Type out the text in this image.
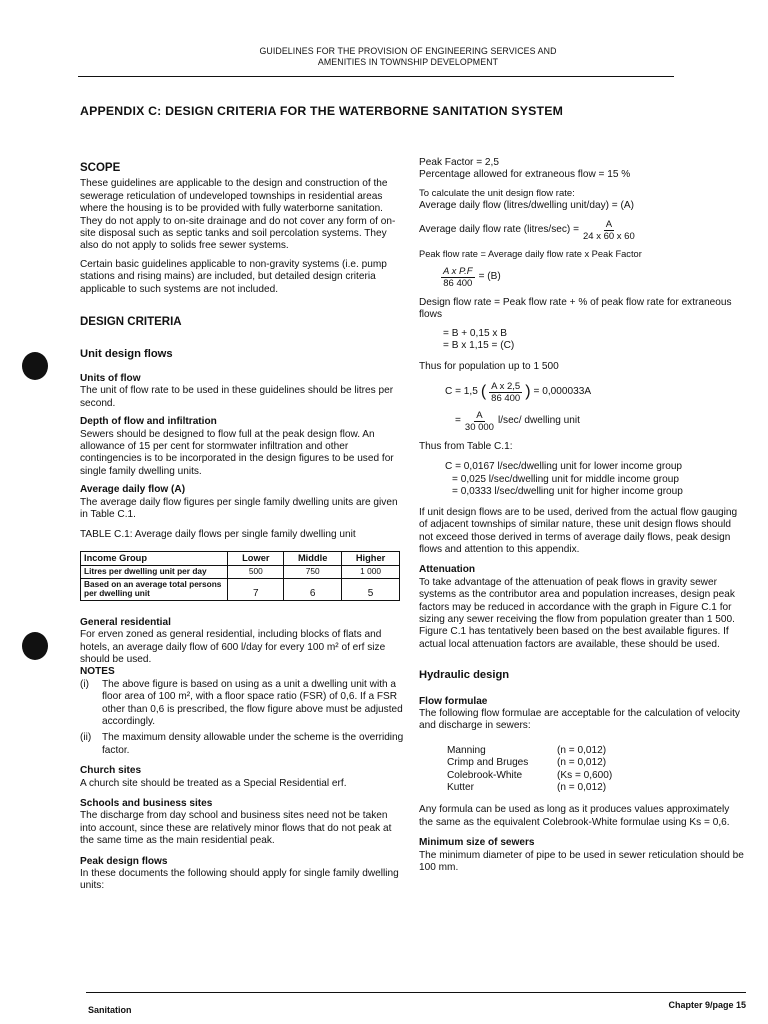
GUIDELINES FOR THE PROVISION OF ENGINEERING SERVICES AND
AMENITIES IN TOWNSHIP DEVELOPMENT
APPENDIX C: DESIGN CRITERIA FOR THE WATERBORNE SANITATION SYSTEM
SCOPE

These guidelines are applicable to the design and construction of the sewerage reticulation of undeveloped townships in residential areas where the housing is to be provided with fully waterborne sanitation. They do not apply to on-site drainage and do not cover any form of on-site disposal such as septic tanks and soil percolation systems. They also do not apply to solids free sewer systems.

Certain basic guidelines applicable to non-gravity systems (i.e. pump stations and rising mains) are included, but detailed design criteria applicable to such systems are not included.

DESIGN CRITERIA
Unit design flows
Units of flow

The unit of flow rate to be used in these guidelines should be litres per second.

Depth of flow and infiltration

Sewers should be designed to flow full at the peak design flow. An allowance of 15 per cent for stormwater infiltration and other contingencies is to be incorporated in the design figures to be used for single family dwelling units.

Average daily flow (A)

The average daily flow figures per single family dwelling units are given in Table C.1.

TABLE C.1: Average daily flows per single family dwelling unit

Income Group	Lower	Middle	Higher
Litres per dwelling unit per day	500	750	1 000
Based on an average total persons per dwelling unit	7	6	5
General residential

For erven zoned as general residential, including blocks of flats and hotels, an average daily flow of 600 l/day for every 100 m² of erf size should be used.

NOTES
(i)	The above figure is based on using as a unit a dwelling unit with a floor area of 100 m², with a floor space ratio (FSR) of 0,6. If a FSR other than 0,6 is prescribed, the flow figure above must be adjusted accordingly.
(ii)	The maximum density allowable under the scheme is the overriding factor.
Church sites

A church site should be treated as a Special Residential erf.

Schools and business sites

The discharge from day school and business sites need not be taken into account, since these are relatively minor flows that do not peak at the same time as the main residential peak.

Peak design flows

In these documents the following should apply for single family dwelling units:

Peak Factor = 2,5

Percentage allowed for extraneous flow = 15 %

To calculate the unit design flow rate:

Average daily flow (litres/dwelling unit/day) = (A)

Average daily flow rate (litres/sec) = $\frac{A}{24 x 60 x 60}$

Peak flow rate = Average daily flow rate x Peak Factor

$\frac{\text{A x P.F}}{86 400} = (B)$

Design flow rate = Peak flow rate + % of peak flow rate for extraneous flows

= B + 0,15 x B

= B x 1,15 = (C)

Thus for population up to 1 500

C = 1,5 ( $\frac{\text{A x 2,5}}{86 400}$ ) = 0,000033A
= $\frac{A}{30 000} l/\sec/$ dwelling unit

Thus from Table C.1:

C = 0,0167 l/sec/dwelling unit for lower income group

= 0,025 l/sec/dwelling unit for middle income group

= 0,0333 l/sec/dwelling unit for higher income group

If unit design flows are to be used, derived from the actual flow gauging of adjacent townships of similar nature, these unit design flows should not exceed those derived in terms of average daily flows, peak design flows and attention to this appendix.

Attenuation

To take advantage of the attenuation of peak flows in gravity sewer systems as the contributor area and population increases, design peak factors may be reduced in accordance with the graph in Figure C.1 for sizing any sewer receiving the flow from population greater than 1 500. Figure C.1 has tentatively been based on the best available figures. If actual local attenuation factors are available, these should be used.

Hydraulic design
Flow formulae

The following flow formulae are acceptable for the calculation of velocity and discharge in sewers:

Manning	(n = 0,012)
Crimp and Bruges	(n = 0,012)
Colebrook-White	(Ks = 0,600)
Kutter	(n = 0,012)

Any formula can be used as long as it produces values approximately the same as the equivalent Colebrook-White formulae using Ks = 0,6.

Minimum size of sewers

The minimum diameter of pipe to be used in sewer reticulation should be 100 mm.

Sanitation	Chapter 9/page 15
